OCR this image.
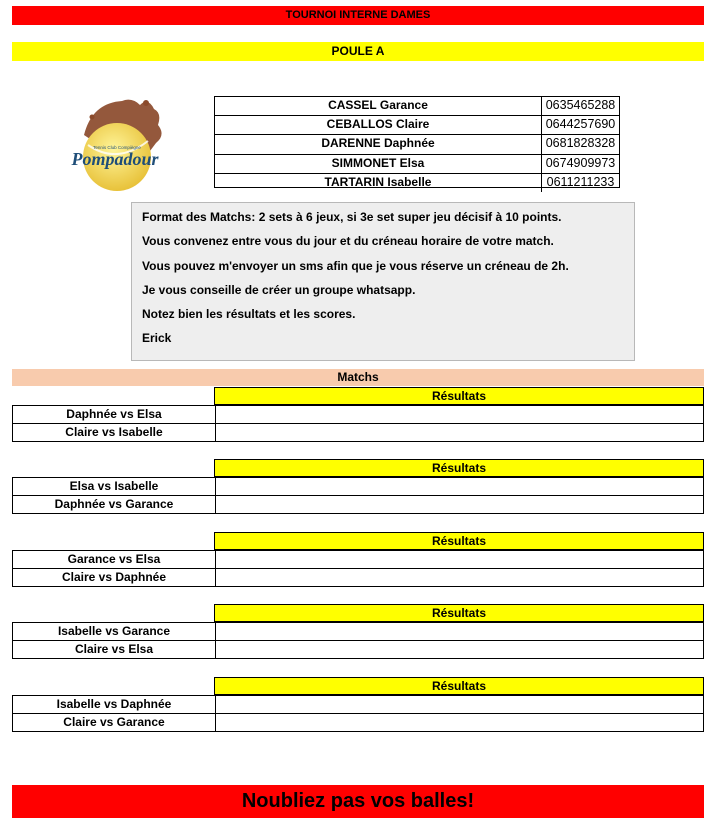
TOURNOI INTERNE DAMES
POULE A
Tennis Club Compiègne
Pompadour
CASSEL Garance	0635465288
CEBALLOS Claire	0644257690
DARENNE Daphnée	0681828328
SIMMONET Elsa	0674909973
TARTARIN Isabelle	0611211233
Format des Matchs: 2 sets à 6 jeux, si 3e set super jeu décisif à 10 points.
Vous convenez entre vous du jour et du créneau horaire de votre match.
Vous pouvez m'envoyer un sms afin que je vous réserve un créneau de 2h.
Je vous conseille de créer un groupe whatsapp.
Notez bien les résultats et les scores.
Erick
Matchs
Résultats
Daphnée vs Elsa
Claire vs Isabelle
Résultats
Elsa vs Isabelle
Daphnée vs Garance
Résultats
Garance vs Elsa
Claire vs Daphnée
Résultats
Isabelle vs Garance
Claire vs Elsa
Résultats
Isabelle vs Daphnée
Claire vs Garance
Noubliez pas vos balles!
